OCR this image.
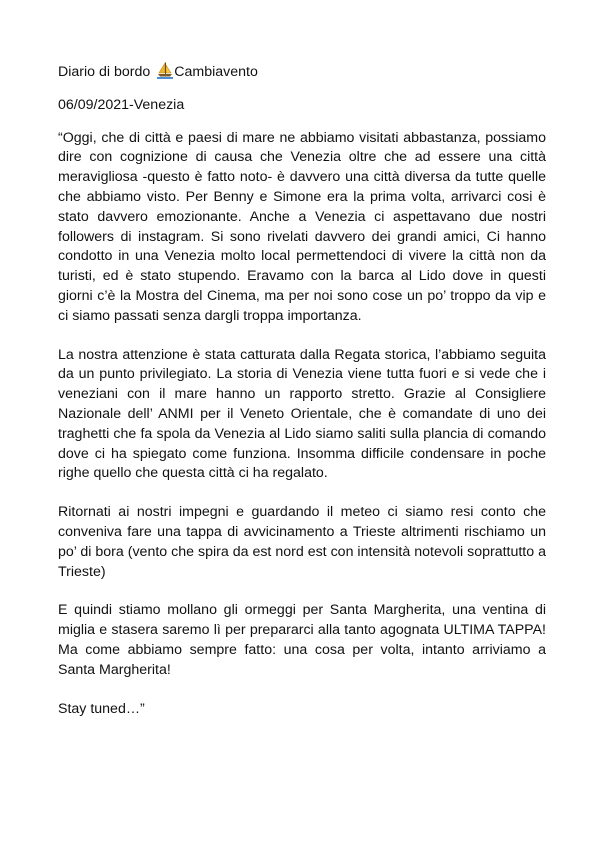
Diario di bordo Cambiavento
06/09/2021-Venezia

“Oggi, che di città e paesi di mare ne abbiamo visitati abbastanza, possiamo dire con cognizione di causa che Venezia oltre che ad essere una città meravigliosa -questo è fatto noto- è davvero una città diversa da tutte quelle che abbiamo visto. Per Benny e Simone era la prima volta, arrivarci cosi è stato davvero emozionante. Anche a Venezia ci aspettavano due nostri followers di instagram. Si sono rivelati davvero dei grandi amici, Ci hanno condotto in una Venezia molto local permettendoci di vivere la città non da turisti, ed è stato stupendo. Eravamo con la barca al Lido dove in questi giorni c’è la Mostra del Cinema, ma per noi sono cose un po’ troppo da vip e ci siamo passati senza dargli troppa importanza.

La nostra attenzione è stata catturata dalla Regata storica, l’abbiamo seguita da un punto privilegiato. La storia di Venezia viene tutta fuori e si vede che i veneziani con il mare hanno un rapporto stretto. Grazie al Consigliere Nazionale dell’ ANMI per il Veneto Orientale, che è comandate di uno dei traghetti che fa spola da Venezia al Lido siamo saliti sulla plancia di comando dove ci ha spiegato come funziona. Insomma difficile condensare in poche righe quello che questa città ci ha regalato.

Ritornati ai nostri impegni e guardando il meteo ci siamo resi conto che conveniva fare una tappa di avvicinamento a Trieste altrimenti rischiamo un po’ di bora (vento che spira da est nord est con intensità notevoli soprattutto a Trieste)

E quindi stiamo mollano gli ormeggi per Santa Margherita, una ventina di miglia e stasera saremo lì per prepararci alla tanto agognata ULTIMA TAPPA! Ma come abbiamo sempre fatto: una cosa per volta, intanto arriviamo a Santa Margherita!

Stay tuned…”
